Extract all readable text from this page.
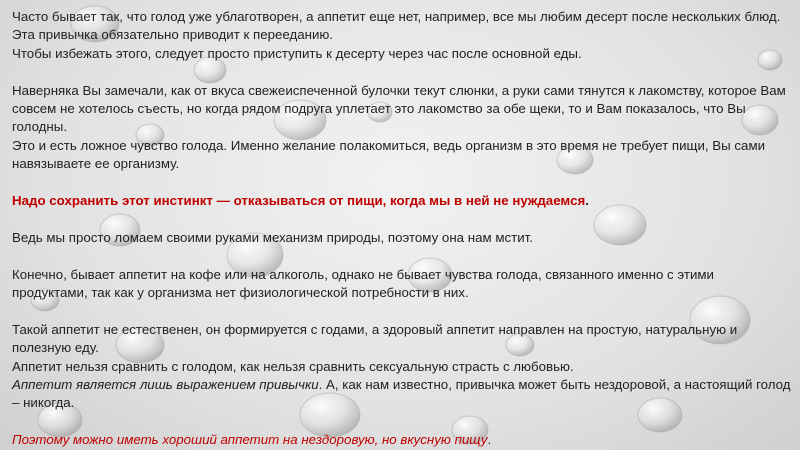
Часто бывает так, что голод уже ублаготворен, а аппетит еще нет, например, все мы любим десерт после нескольких блюд. Эта привычка обязательно приводит к перееданию.

Чтобы избежать этого, следует просто приступить к десерту через час после основной еды.

Наверняка Вы замечали, как от вкуса свежеиспеченной булочки текут слюнки, а руки сами тянутся к лакомству, которое Вам совсем не хотелось съесть, но когда рядом подруга уплетает это лакомство за обе щеки, то и Вам показалось, что Вы голодны.

Это и есть ложное чувство голода. Именно желание полакомиться, ведь организм в это время не требует пищи, Вы сами навязываете ее организму.

Надо сохранить этот инстинкт — отказываться от пищи, когда мы в ней не нуждаемся.

Ведь мы просто ломаем своими руками механизм природы, поэтому она нам мстит.

Конечно, бывает аппетит на кофе или на алкоголь, однако не бывает чувства голода, связанного именно с этими продуктами, так как у организма нет физиологической потребности в них.

Такой аппетит не естественен, он формируется с годами, а здоровый аппетит направлен на простую, натуральную и полезную еду.

Аппетит нельзя сравнить с голодом, как нельзя сравнить сексуальную страсть с любовью.

Аппетит является лишь выражением привычки. А, как нам известно, привычка может быть нездоровой, а настоящий голод – никогда.

Поэтому можно иметь хороший аппетит на нездоровую, но вкусную пищу.
